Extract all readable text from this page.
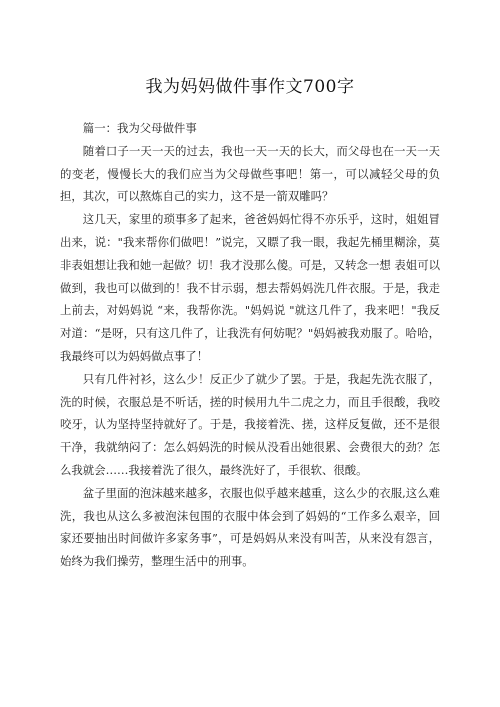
我为妈妈做件事作文700字

篇一：我为父母做件事

随着口子一天一天的过去，我也一天一天的长大，而父母也在一天一天的变老，慢慢长大的我们应当为父母做些事吧！第一，可以减轻父母的负担，其次，可以熬炼自己的实力，这不是一箭双雕吗？

这几天，家里的琐事多了起来，爸爸妈妈忙得不亦乐乎，这时，姐姐冒出来，说："我来帮你们做吧！”说完，又瞟了我一眼，我起先桶里糊涂，莫非表姐想让我和她一起做？切！我才没那么傻。可是，又转念一想 表姐可以做到，我也可以做到的！我不甘示弱，想去帮妈妈洗几件衣服。于是，我走上前去，对妈妈说 “来，我帮你洗。"妈妈说 "就这几件了，我来吧！"我反对道：“是呀，只有这几件了，让我洗有何妨呢？"妈妈被我劝服了。哈哈，我最终可以为妈妈做点事了！

只有几件衬衫，这么少！反正少了就少了罢。于是，我起先洗衣服了，洗的时候，衣服总是不听话，搓的时候用九牛二虎之力，而且手很酸，我咬咬牙，认为坚持坚持就好了。于是，我接着洗、搓，这样反复做，还不是很干净，我就纳闷了：怎么妈妈洗的时候从没看出她很累、会费很大的劲？怎么我就会……我接着洗了很久，最终洗好了，手很软、很酸。

盆子里面的泡沫越来越多，衣服也似乎越来越重，这么少的衣服,这么难洗，我也从这么多被泡沫包围的衣服中体会到了妈妈的“工作多么艰辛，回家还要抽出时间做许多家务事”，可是妈妈从来没有叫苦，从来没有怨言，始终为我们操劳，整理生活中的刑事。
